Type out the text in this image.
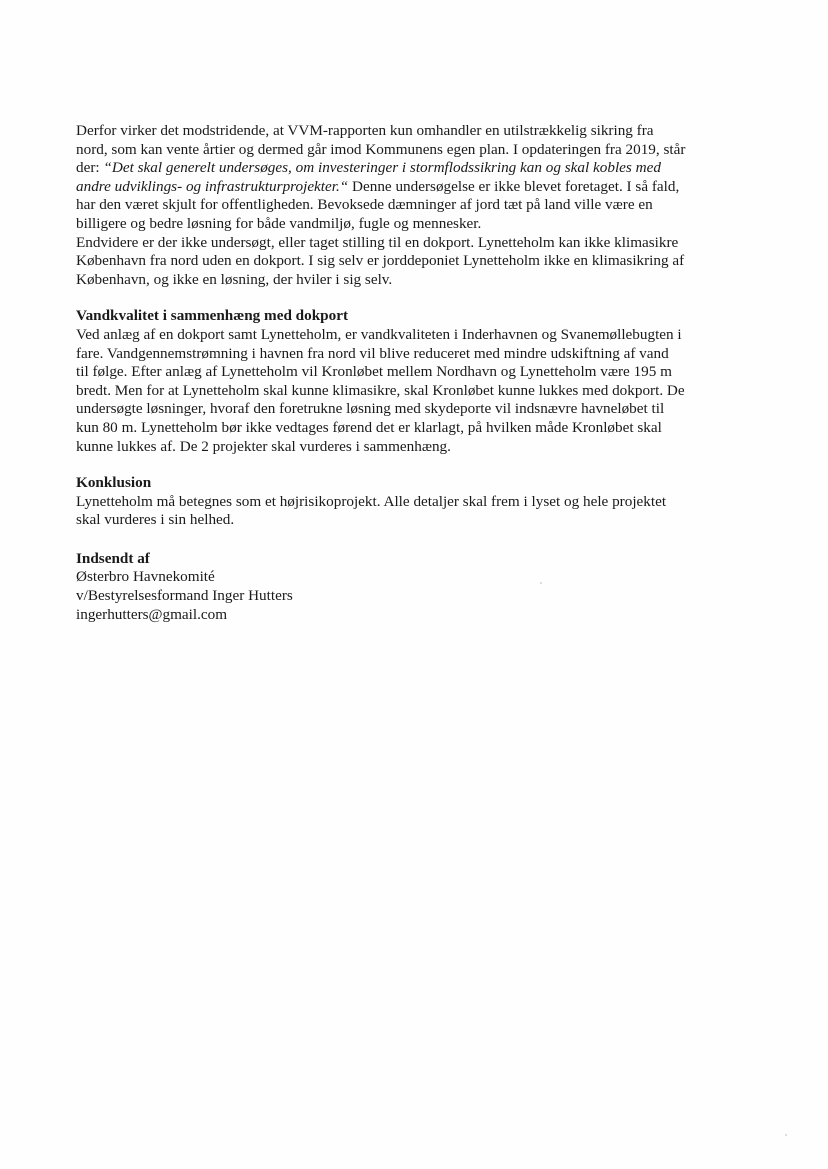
Derfor virker det modstridende, at VVM-rapporten kun omhandler en utilstrækkelig sikring fra
nord, som kan vente årtier og dermed går imod Kommunens egen plan. I opdateringen fra 2019, står
der: “Det skal generelt undersøges, om investeringer i stormflodssikring kan og skal kobles med
andre udviklings- og infrastrukturprojekter.“ Denne undersøgelse er ikke blevet foretaget. I så fald,
har den været skjult for offentligheden. Bevoksede dæmninger af jord tæt på land ville være en
billigere og bedre løsning for både vandmiljø, fugle og mennesker.
Endvidere er der ikke undersøgt, eller taget stilling til en dokport. Lynetteholm kan ikke klimasikre
København fra nord uden en dokport. I sig selv er jorddeponiet Lynetteholm ikke en klimasikring af
København, og ikke en løsning, der hviler i sig selv.
Vandkvalitet i sammenhæng med dokport
Ved anlæg af en dokport samt Lynetteholm, er vandkvaliteten i Inderhavnen og Svanemøllebugten i
fare. Vandgennemstrømning i havnen fra nord vil blive reduceret med mindre udskiftning af vand
til følge. Efter anlæg af Lynetteholm vil Kronløbet mellem Nordhavn og Lynetteholm være 195 m
bredt. Men for at Lynetteholm skal kunne klimasikre, skal Kronløbet kunne lukkes med dokport. De
undersøgte løsninger, hvoraf den foretrukne løsning med skydeporte vil indsnævre havneløbet til
kun 80 m. Lynetteholm bør ikke vedtages førend det er klarlagt, på hvilken måde Kronløbet skal
kunne lukkes af. De 2 projekter skal vurderes i sammenhæng.
Konklusion
Lynetteholm må betegnes som et højrisikoprojekt. Alle detaljer skal frem i lyset og hele projektet
skal vurderes i sin helhed.
Indsendt af
Østerbro Havnekomité
v/Bestyrelsesformand Inger Hutters
ingerhutters@gmail.com
